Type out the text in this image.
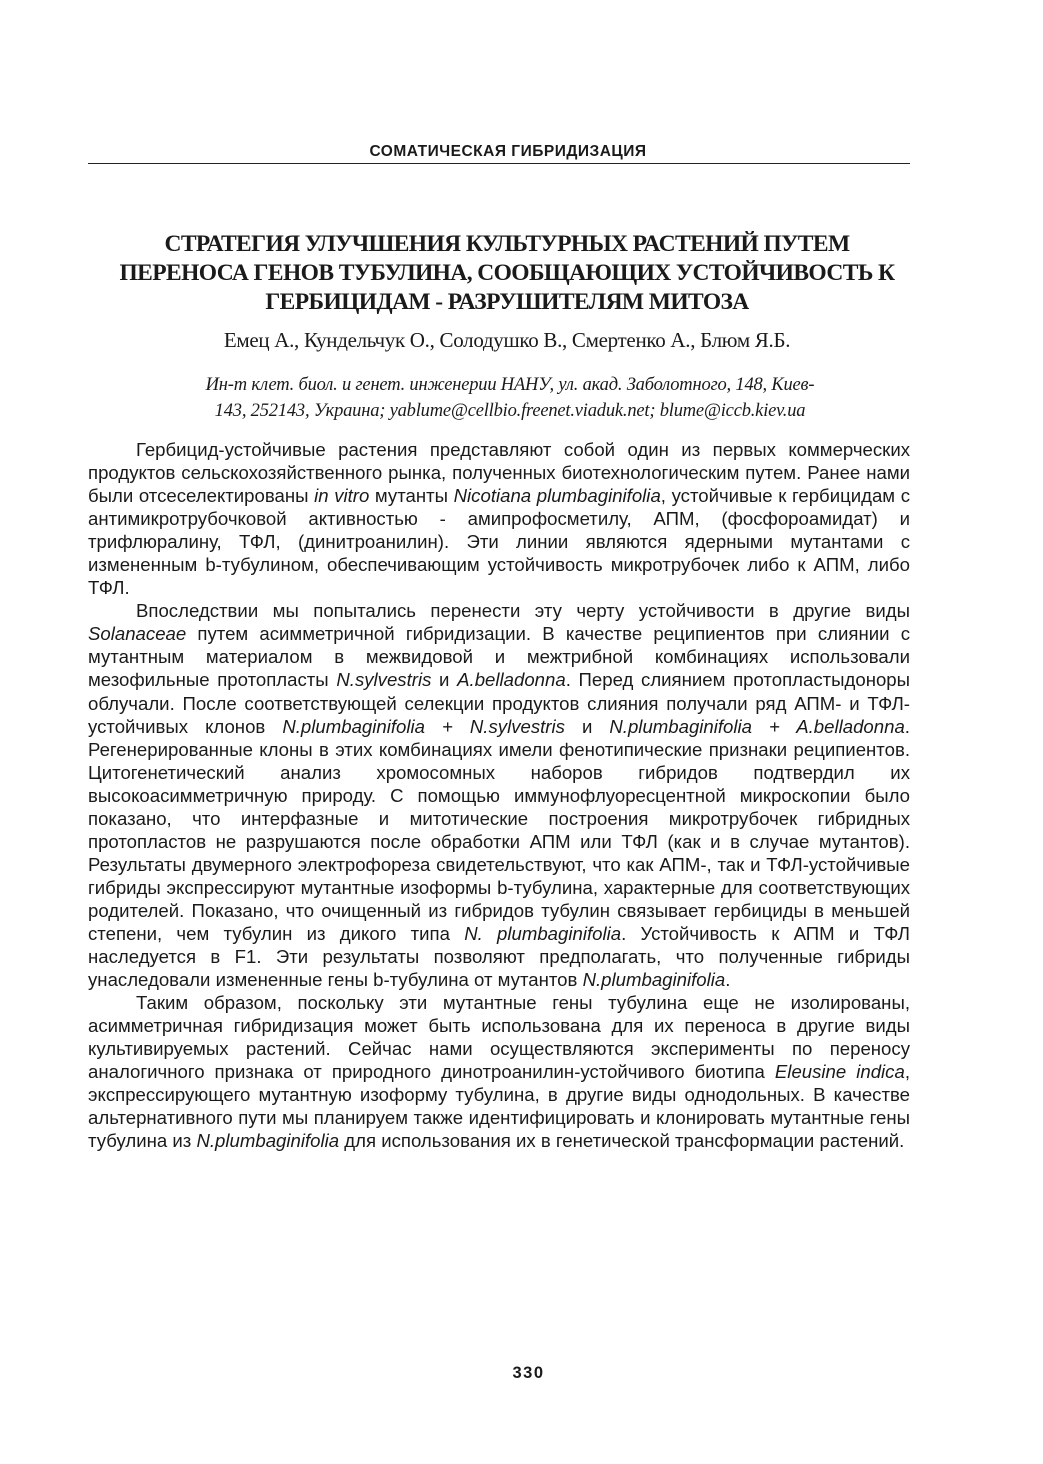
СОМАТИЧЕСКАЯ ГИБРИДИЗАЦИЯ
СТРАТЕГИЯ УЛУЧШЕНИЯ КУЛЬТУРНЫХ РАСТЕНИЙ ПУТЕМ
ПЕРЕНОСА ГЕНОВ ТУБУЛИНА, СООБЩАЮЩИХ УСТОЙЧИВОСТЬ К
ГЕРБИЦИДАМ - РАЗРУШИТЕЛЯМ МИТОЗА
Емец А., Кундельчук О., Солодушко В., Смертенко А., Блюм Я.Б.
Ин-т клет. биол. и генет. инженерии НАНУ, ул. акад. Заболотного, 148, Киев-
143, 252143, Украина; yablume@cellbio.freenet.viaduk.net; blume@iccb.kiev.ua

Гербицид-устойчивые растения представляют собой один из первых коммерческих продуктов сельскохозяйственного рынка, полученных биотехнологическим путем. Ранее нами были отсеселектированы in vitro мутанты Nicotiana plumbaginifolia, устойчивые к гербицидам с антимикротрубочковой активностью - амипрофосметилу, АПМ, (фосфороамидат) и трифлюралину, ТФЛ, (динитроанилин). Эти линии являются ядерными мутантами с измененным b-тубулином, обеспечивающим устойчивость микротрубочек либо к АПМ, либо ТФЛ.

Впоследствии мы попытались перенести эту черту устойчивости в другие виды Solanaceae путем асимметричной гибридизации. В качестве реципиентов при слиянии с мутантным материалом в межвидовой и межтрибной комбинациях использовали мезофильные протопласты N.sylvestris и A.belladonna. Перед слиянием протопластыдоноры облучали. После соответствующей селекции продуктов слияния получали ряд АПМ- и ТФЛ-устойчивых клонов N.plumbaginifolia + N.sylvestris и N.plumbaginifolia + A.belladonna. Регенерированные клоны в этих комбинациях имели фенотипические признаки реципиентов. Цитогенетический анализ хромосомных наборов гибридов подтвердил их высокоасимметричную природу. С помощью иммунофлуоресцентной микроскопии было показано, что интерфазные и митотические построения микротрубочек гибридных протопластов не разрушаются после обработки АПМ или ТФЛ (как и в случае мутантов). Результаты двумерного электрофореза свидетельствуют, что как АПМ-, так и ТФЛ-устойчивые гибриды экспрессируют мутантные изоформы b-тубулина, характерные для соответствующих родителей. Показано, что очищенный из гибридов тубулин связывает гербициды в меньшей степени, чем тубулин из дикого типа N. plumbaginifolia. Устойчивость к АПМ и ТФЛ наследуется в F1. Эти результаты позволяют предполагать, что полученные гибриды унаследовали измененные гены b-тубулина от мутантов N.plumbaginifolia.

Таким образом, поскольку эти мутантные гены тубулина еще не изолированы, асимметричная гибридизация может быть использована для их переноса в другие виды культивируемых растений. Сейчас нами осуществляются эксперименты по переносу аналогичного признака от природного динотроанилин-устойчивого биотипа Eleusine indica, экспрессирующего мутантную изоформу тубулина, в другие виды однодольных. В качестве альтернативного пути мы планируем также идентифицировать и клонировать мутантные гены тубулина из N.plumbaginifolia для использования их в генетической трансформации растений.

330
